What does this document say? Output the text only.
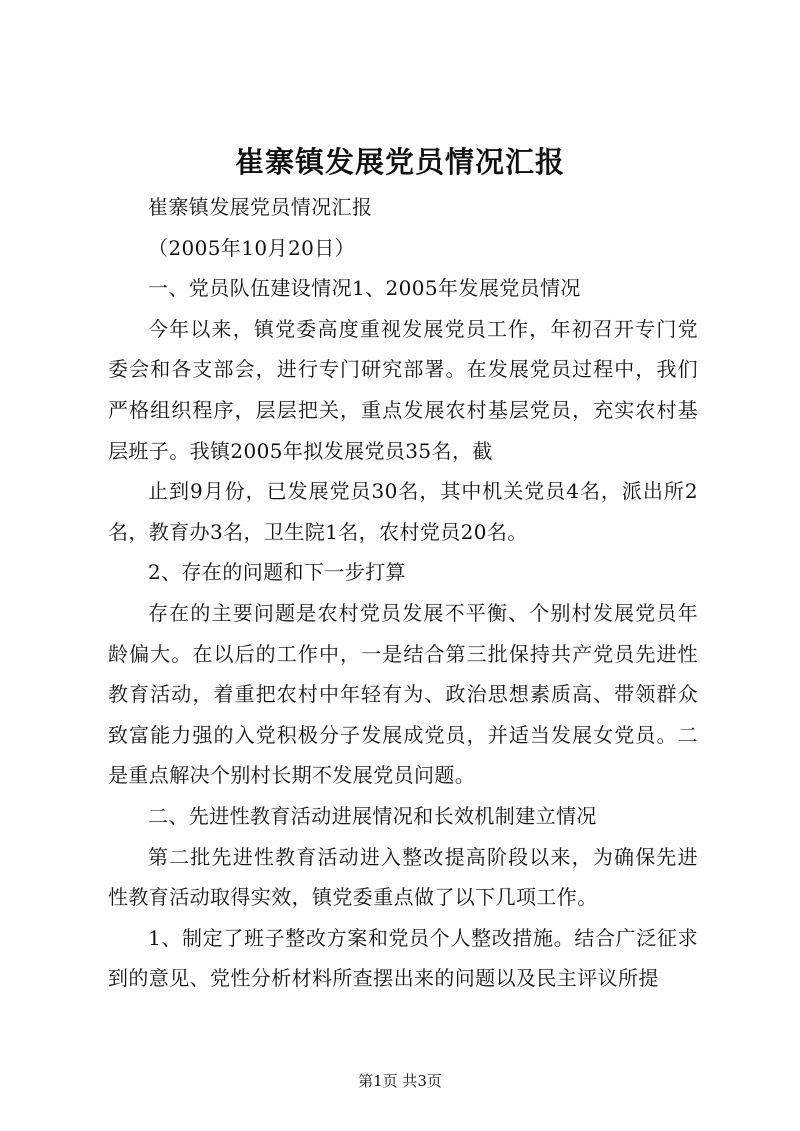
崔寨镇发展党员情况汇报

崔寨镇发展党员情况汇报

（2005年10月20日）

一、党员队伍建设情况1、2005年发展党员情况

今年以来，镇党委高度重视发展党员工作，年初召开专门党委会和各支部会，进行专门研究部署。在发展党员过程中，我们严格组织程序，层层把关，重点发展农村基层党员，充实农村基层班子。我镇2005年拟发展党员35名，截

止到9月份，已发展党员30名，其中机关党员4名，派出所2名，教育办3名，卫生院1名，农村党员20名。

2、存在的问题和下一步打算

存在的主要问题是农村党员发展不平衡、个别村发展党员年龄偏大。在以后的工作中，一是结合第三批保持共产党员先进性教育活动，着重把农村中年轻有为、政治思想素质高、带领群众致富能力强的入党积极分子发展成党员，并适当发展女党员。二是重点解决个别村长期不发展党员问题。

二、先进性教育活动进展情况和长效机制建立情况

第二批先进性教育活动进入整改提高阶段以来，为确保先进性教育活动取得实效，镇党委重点做了以下几项工作。

1、制定了班子整改方案和党员个人整改措施。结合广泛征求到的意见、党性分析材料所查摆出来的问题以及民主评议所提

第1页 共3页
